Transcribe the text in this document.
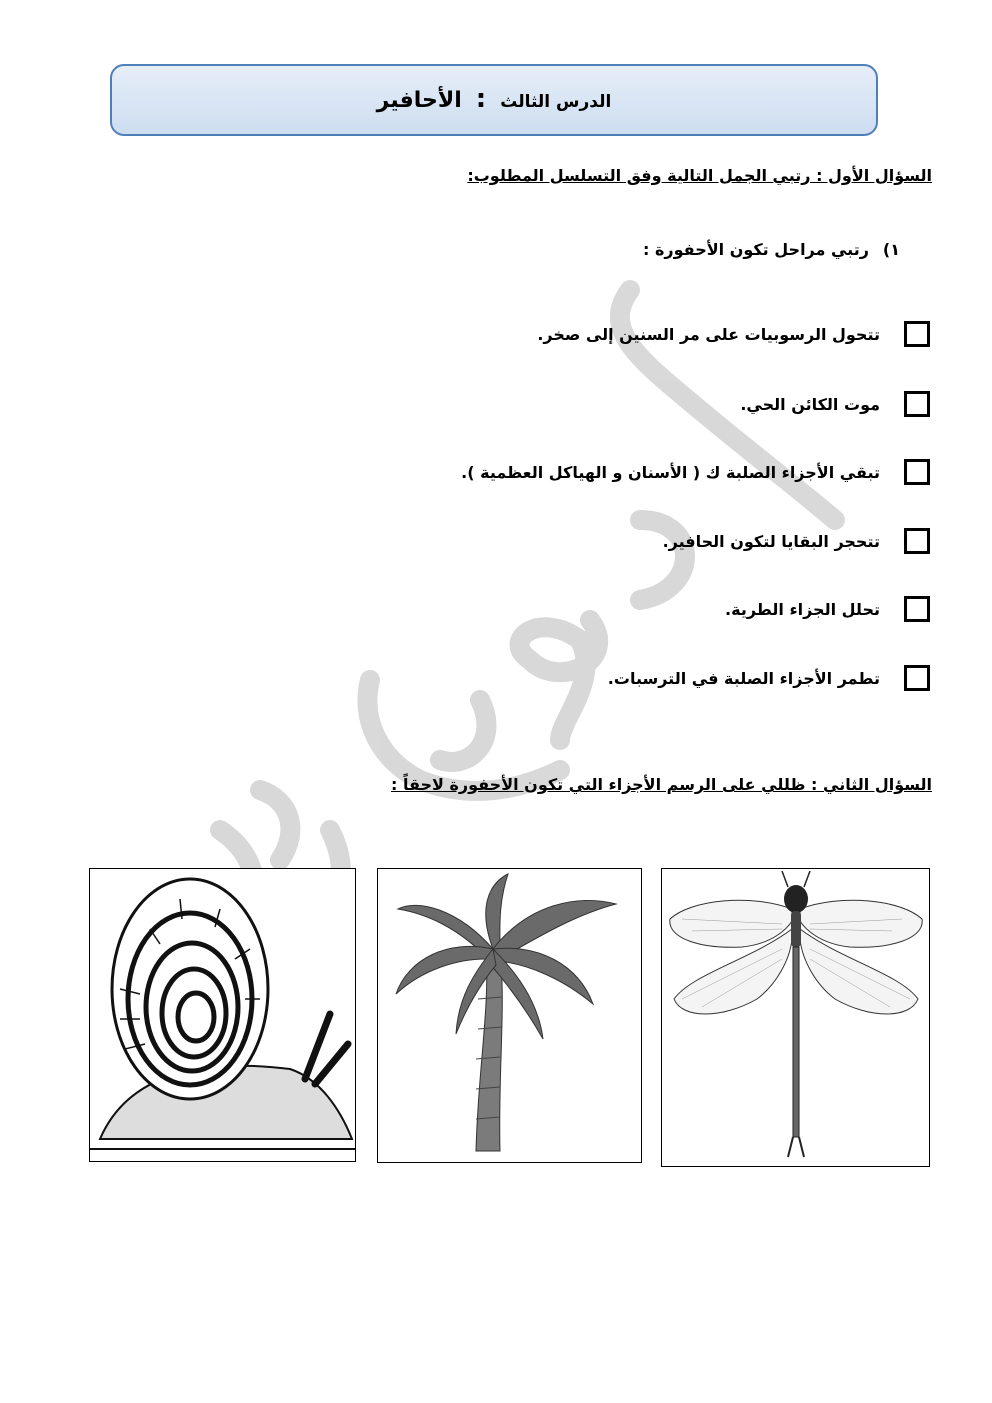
الدرس الثالث:الأحافير
السؤال الأول : رتبي الجمل التالية وفق التسلسل المطلوب:
١)رتبي مراحل تكون الأحفورة :
تتحول الرسوبيات على مر السنين إلى صخر.
موت الكائن الحي.
تبقي الأجزاء الصلبة ك ( الأسنان و الهياكل العظمية ).
تتحجر البقايا لتكون الحافير.
تحلل الجزاء الطرية.
تطمر الأجزاء الصلبة في الترسبات.
السؤال الثاني : ظللي على الرسم الأجزاء التي تكون الأحفورة لاحقاً :
